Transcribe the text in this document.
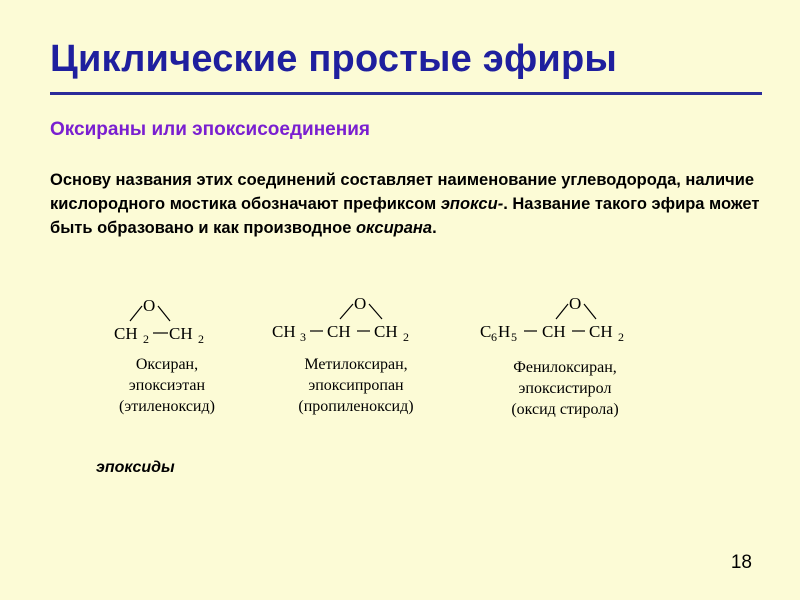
Циклические простые эфиры
Оксираны или эпоксисоединения
Основу названия этих соединений составляет наименование углеводорода, наличие кислородного мостика обозначают префиксом эпокси-. Название такого эфира может быть образовано и как производное оксирана.
O
CH 2 CH 2
Оксиран,
эпоксиэтан
(этиленоксид)
O
CH 3 CH CH 2
Метилоксиран,
эпоксипропан
(пропиленоксид)
O
C 6 H 5 CH CH 2
Фенилоксиран,
эпоксистирол
(оксид стирола)
эпоксиды
18
